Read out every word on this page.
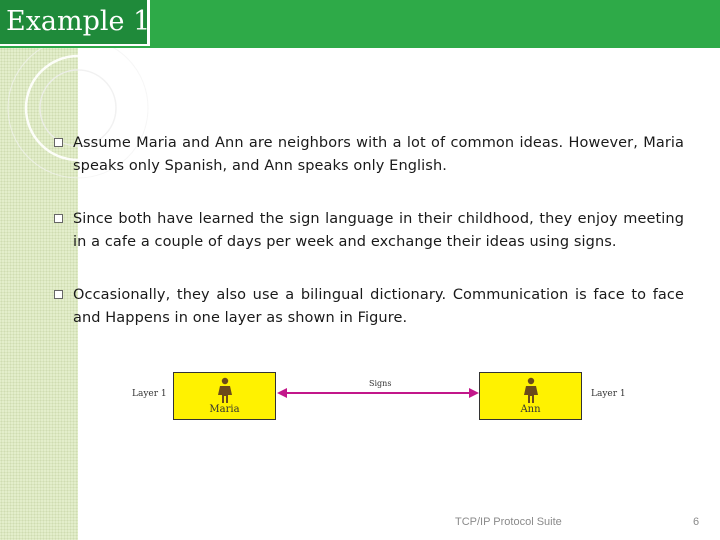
Example 1
Assume Maria and Ann are neighbors with a lot of common ideas. However, Maria speaks only Spanish, and Ann speaks only English.
Since both have learned the sign language in their childhood, they enjoy meeting in a cafe a couple of days per week and exchange their ideas using signs.
Occasionally, they also use a bilingual dictionary. Communication is face to face and Happens in one layer as shown in Figure.
Layer 1
Maria
Signs
Ann
Layer 1
TCP/IP Protocol Suite	6
